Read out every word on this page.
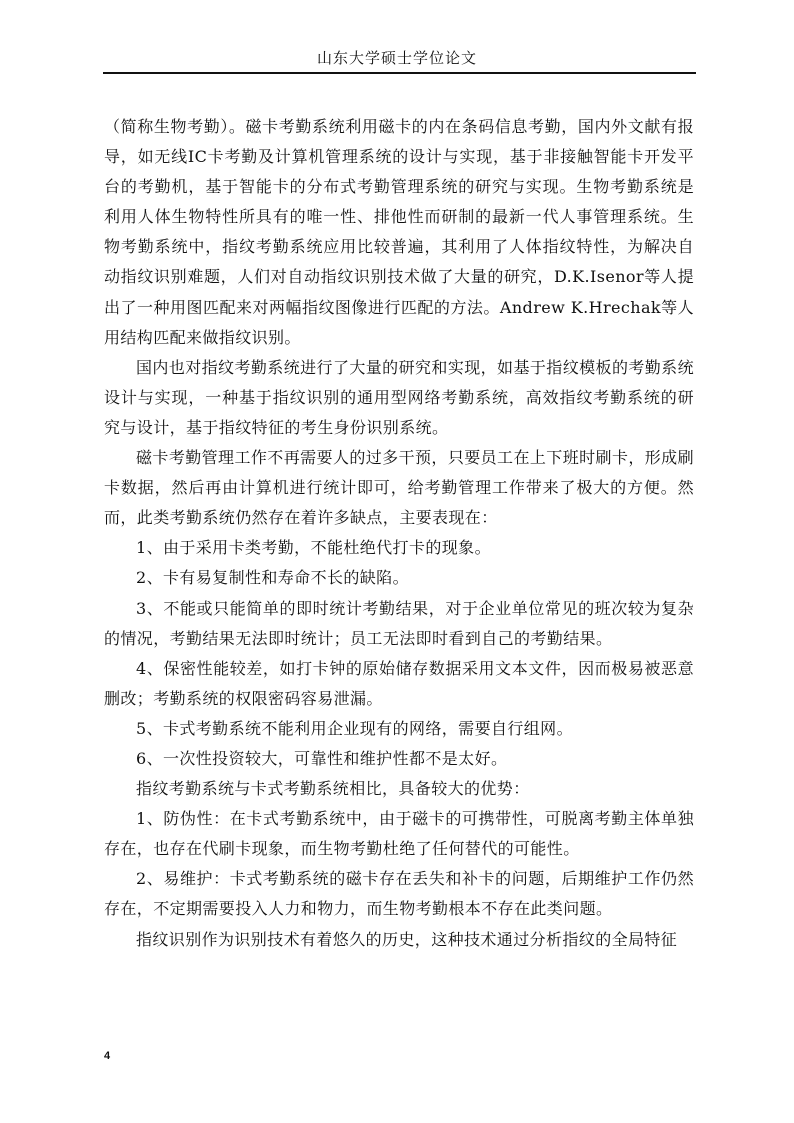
山东大学硕士学位论文

（简称生物考勤）。磁卡考勤系统利用磁卡的内在条码信息考勤，国内外文献有报导，如无线IC卡考勤及计算机管理系统的设计与实现，基于非接触智能卡开发平台的考勤机，基于智能卡的分布式考勤管理系统的研究与实现。生物考勤系统是利用人体生物特性所具有的唯一性、排他性而研制的最新一代人事管理系统。生物考勤系统中，指纹考勤系统应用比较普遍，其利用了人体指纹特性，为解决自动指纹识别难题，人们对自动指纹识别技术做了大量的研究，D.K.Isenor等人提出了一种用图匹配来对两幅指纹图像进行匹配的方法。Andrew K.Hrechak等人用结构匹配来做指纹识别。

国内也对指纹考勤系统进行了大量的研究和实现，如基于指纹模板的考勤系统设计与实现，一种基于指纹识别的通用型网络考勤系统，高效指纹考勤系统的研究与设计，基于指纹特征的考生身份识别系统。

磁卡考勤管理工作不再需要人的过多干预，只要员工在上下班时刷卡，形成刷卡数据，然后再由计算机进行统计即可，给考勤管理工作带来了极大的方便。然而，此类考勤系统仍然存在着许多缺点，主要表现在：

1、由于采用卡类考勤，不能杜绝代打卡的现象。

2、卡有易复制性和寿命不长的缺陷。

3、不能或只能简单的即时统计考勤结果，对于企业单位常见的班次较为复杂的情况，考勤结果无法即时统计；员工无法即时看到自己的考勤结果。

4、保密性能较差，如打卡钟的原始储存数据采用文本文件，因而极易被恶意删改；考勤系统的权限密码容易泄漏。

5、卡式考勤系统不能利用企业现有的网络，需要自行组网。

6、一次性投资较大，可靠性和维护性都不是太好。

指纹考勤系统与卡式考勤系统相比，具备较大的优势：

1、防伪性：在卡式考勤系统中，由于磁卡的可携带性，可脱离考勤主体单独存在，也存在代刷卡现象，而生物考勤杜绝了任何替代的可能性。

2、易维护：卡式考勤系统的磁卡存在丢失和补卡的问题，后期维护工作仍然存在，不定期需要投入人力和物力，而生物考勤根本不存在此类问题。

指纹识别作为识别技术有着悠久的历史，这种技术通过分析指纹的全局特征

4
